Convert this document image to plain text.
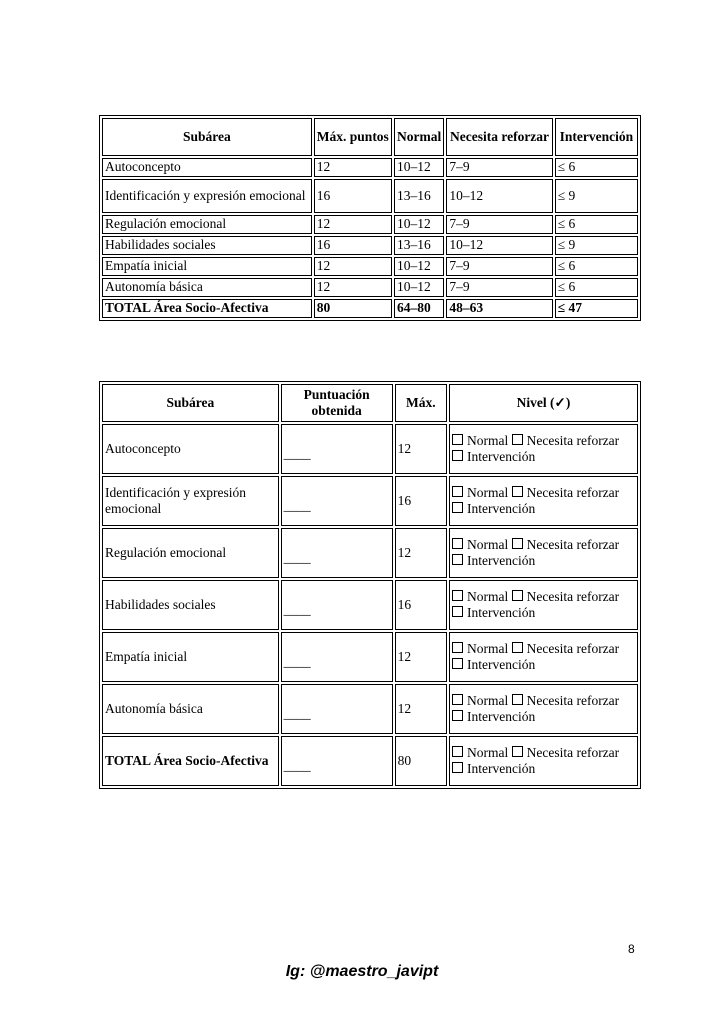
Subárea	Máx. puntos	Normal	Necesita reforzar	Intervención
Autoconcepto	12	10–12	7–9	≤ 6
Identificación y expresión emocional	16	13–16	10–12	≤ 9
Regulación emocional	12	10–12	7–9	≤ 6
Habilidades sociales	16	13–16	10–12	≤ 9
Empatía inicial	12	10–12	7–9	≤ 6
Autonomía básica	12	10–12	7–9	≤ 6
TOTAL Área Socio-Afectiva	80	64–80	48–63	≤ 47
Subárea	Puntuación obtenida	Máx.	Nivel (✓)
Autoconcepto	____	12	Normal Necesita reforzar
Intervención

Identificación y expresión emocional	____	16	Normal Necesita reforzar
Intervención

Regulación emocional	____	12	Normal Necesita reforzar
Intervención

Habilidades sociales	____	16	Normal Necesita reforzar
Intervención

Empatía inicial	____	12	Normal Necesita reforzar
Intervención

Autonomía básica	____	12	Normal Necesita reforzar
Intervención

TOTAL Área Socio-Afectiva	____	80	Normal Necesita reforzar
Intervención
8
Ig: @maestro_javipt
